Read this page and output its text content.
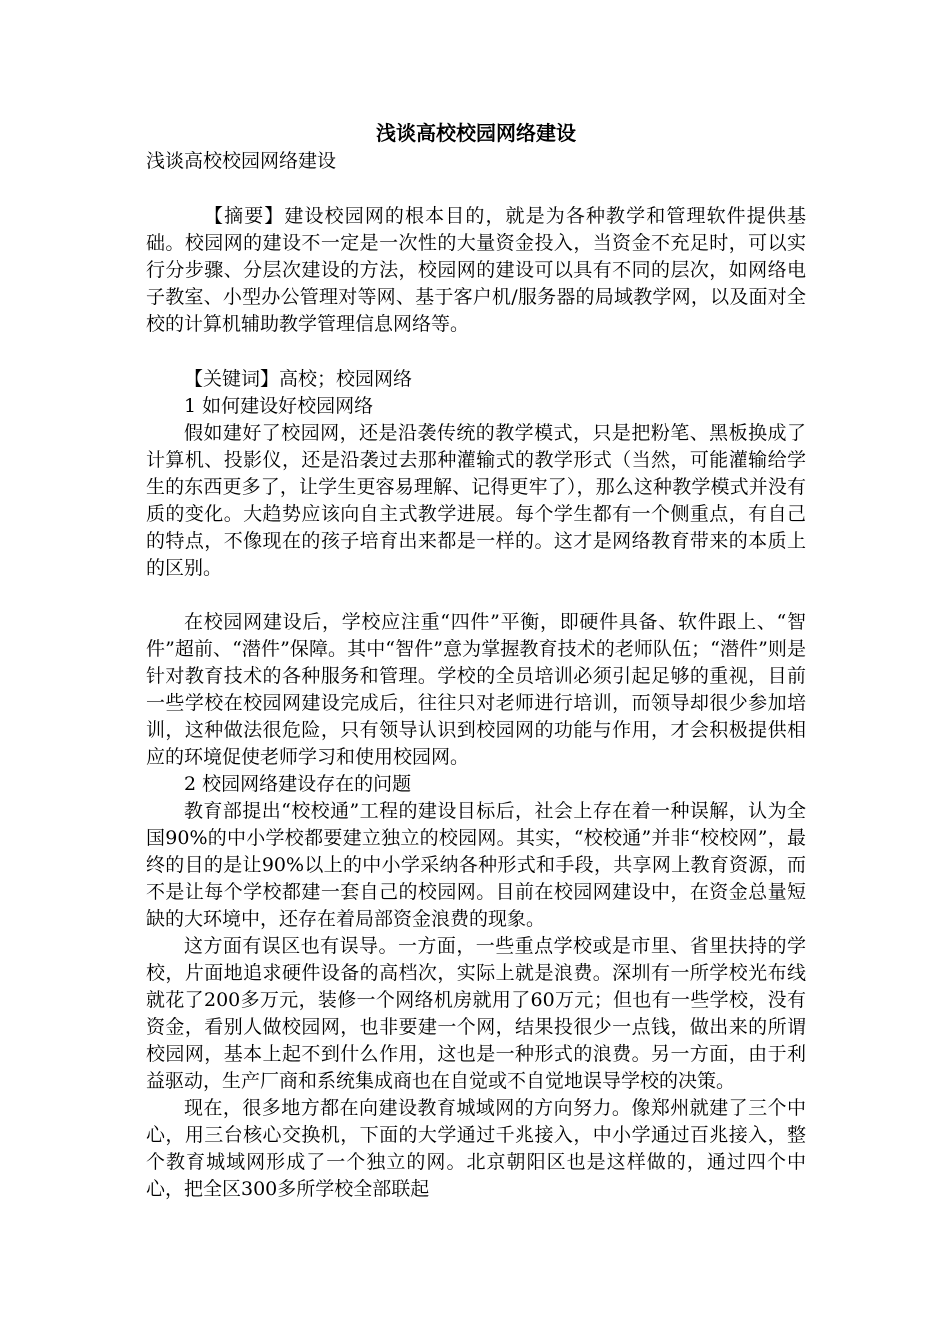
浅谈高校校园网络建设

浅谈高校校园网络建设

【摘要】建设校园网的根本目的，就是为各种教学和管理软件提供基础。校园网的建设不一定是一次性的大量资金投入，当资金不充足时，可以实行分步骤、分层次建设的方法，校园网的建设可以具有不同的层次，如网络电子教室、小型办公管理对等网、基于客户机/服务器的局域教学网，以及面对全校的计算机辅助教学管理信息网络等。

【关键词】高校；校园网络

1 如何建设好校园网络

假如建好了校园网，还是沿袭传统的教学模式，只是把粉笔、黑板换成了计算机、投影仪，还是沿袭过去那种灌输式的教学形式（当然，可能灌输给学生的东西更多了，让学生更容易理解、记得更牢了），那么这种教学模式并没有质的变化。大趋势应该向自主式教学进展。每个学生都有一个侧重点，有自己的特点，不像现在的孩子培育出来都是一样的。这才是网络教育带来的本质上的区别。

在校园网建设后，学校应注重“四件”平衡，即硬件具备、软件跟上、“智件”超前、“潜件”保障。其中“智件”意为掌握教育技术的老师队伍；“潜件”则是针对教育技术的各种服务和管理。学校的全员培训必须引起足够的重视，目前一些学校在校园网建设完成后，往往只对老师进行培训，而领导却很少参加培训，这种做法很危险，只有领导认识到校园网的功能与作用，才会积极提供相应的环境促使老师学习和使用校园网。

2 校园网络建设存在的问题

教育部提出“校校通”工程的建设目标后，社会上存在着一种误解，认为全国90%的中小学校都要建立独立的校园网。其实，“校校通”并非“校校网”，最终的目的是让90%以上的中小学采纳各种形式和手段，共享网上教育资源，而不是让每个学校都建一套自己的校园网。目前在校园网建设中，在资金总量短缺的大环境中，还存在着局部资金浪费的现象。

这方面有误区也有误导。一方面，一些重点学校或是市里、省里扶持的学校，片面地追求硬件设备的高档次，实际上就是浪费。深圳有一所学校光布线就花了200多万元，装修一个网络机房就用了60万元；但也有一些学校，没有资金，看别人做校园网，也非要建一个网，结果投很少一点钱，做出来的所谓校园网，基本上起不到什么作用，这也是一种形式的浪费。另一方面，由于利益驱动，生产厂商和系统集成商也在自觉或不自觉地误导学校的决策。

现在，很多地方都在向建设教育城域网的方向努力。像郑州就建了三个中心，用三台核心交换机，下面的大学通过千兆接入，中小学通过百兆接入，整个教育城域网形成了一个独立的网。北京朝阳区也是这样做的，通过四个中心，把全区300多所学校全部联起
